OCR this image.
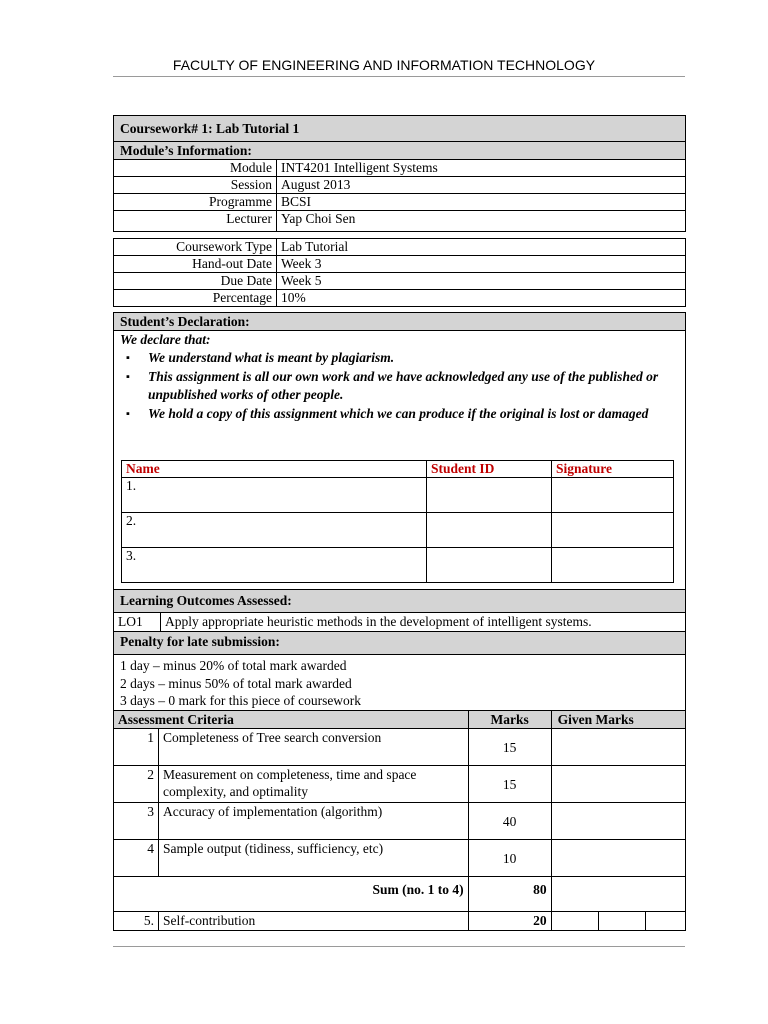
FACULTY OF ENGINEERING AND INFORMATION TECHNOLOGY
Coursework# 1: Lab Tutorial 1
Module’s Information:
Module	INT4201 Intelligent Systems
Session	August 2013
Programme	BCSI
Lecturer	Yap Choi Sen
Coursework Type	Lab Tutorial
Hand-out Date	Week 3
Due Date	Week 5
Percentage	10%
Student’s Declaration:
We declare that:
▪ We understand what is meant by plagiarism.
▪ This assignment is all our own work and we have acknowledged any use of the published or unpublished works of other people.
▪ We hold a copy of this assignment which we can produce if the original is lost or damaged
Name	Student ID	Signature
1.		
2.		
3.		
Learning Outcomes Assessed:
LO1	Apply appropriate heuristic methods in the development of intelligent systems.
Penalty for late submission:
1 day – minus 20% of total mark awarded
2 days – minus 50% of total mark awarded
3 days – 0 mark for this piece of coursework
Assessment Criteria		Marks	Given Marks		
1	Completeness of Tree search conversion	15			
2	Measurement on completeness, time and space complexity, and optimality	15			
3	Accuracy of implementation (algorithm)	40			
4	Sample output (tidiness, sufficiency, etc)	10			
Sum (no. 1 to 4)		80			
5.	Self-contribution	20			
